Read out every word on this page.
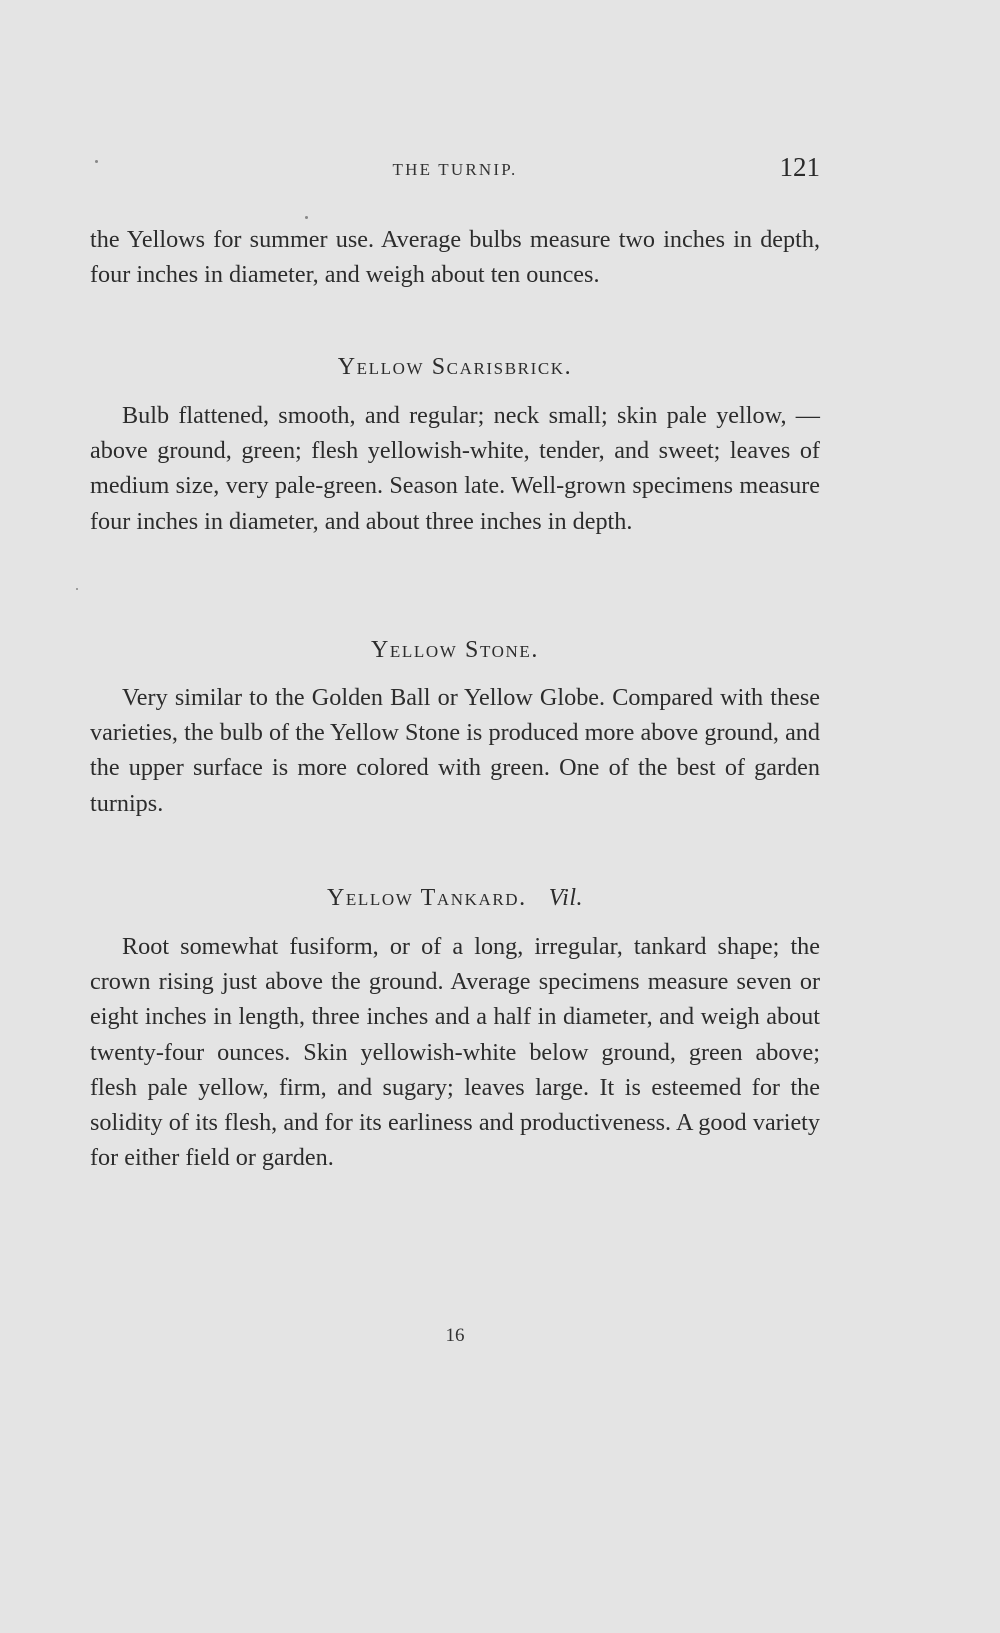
THE TURNIP.	121

the Yellows for summer use. Average bulbs measure two inches in depth, four inches in diameter, and weigh about ten ounces.

Yellow Scarisbrick.

Bulb flattened, smooth, and regular; neck small; skin pale yellow, — above ground, green; flesh yellowish-white, tender, and sweet; leaves of medium size, very pale-green. Season late. Well-grown specimens measure four inches in diameter, and about three inches in depth.

Yellow Stone.

Very similar to the Golden Ball or Yellow Globe. Compared with these varieties, the bulb of the Yellow Stone is produced more above ground, and the upper surface is more colored with green. One of the best of garden turnips.

Yellow Tankard. Vil.

Root somewhat fusiform, or of a long, irregular, tankard shape; the crown rising just above the ground. Average specimens measure seven or eight inches in length, three inches and a half in diameter, and weigh about twenty-four ounces. Skin yellowish-white below ground, green above; flesh pale yellow, firm, and sugary; leaves large. It is esteemed for the solidity of its flesh, and for its earliness and productiveness. A good variety for either field or garden.

16
